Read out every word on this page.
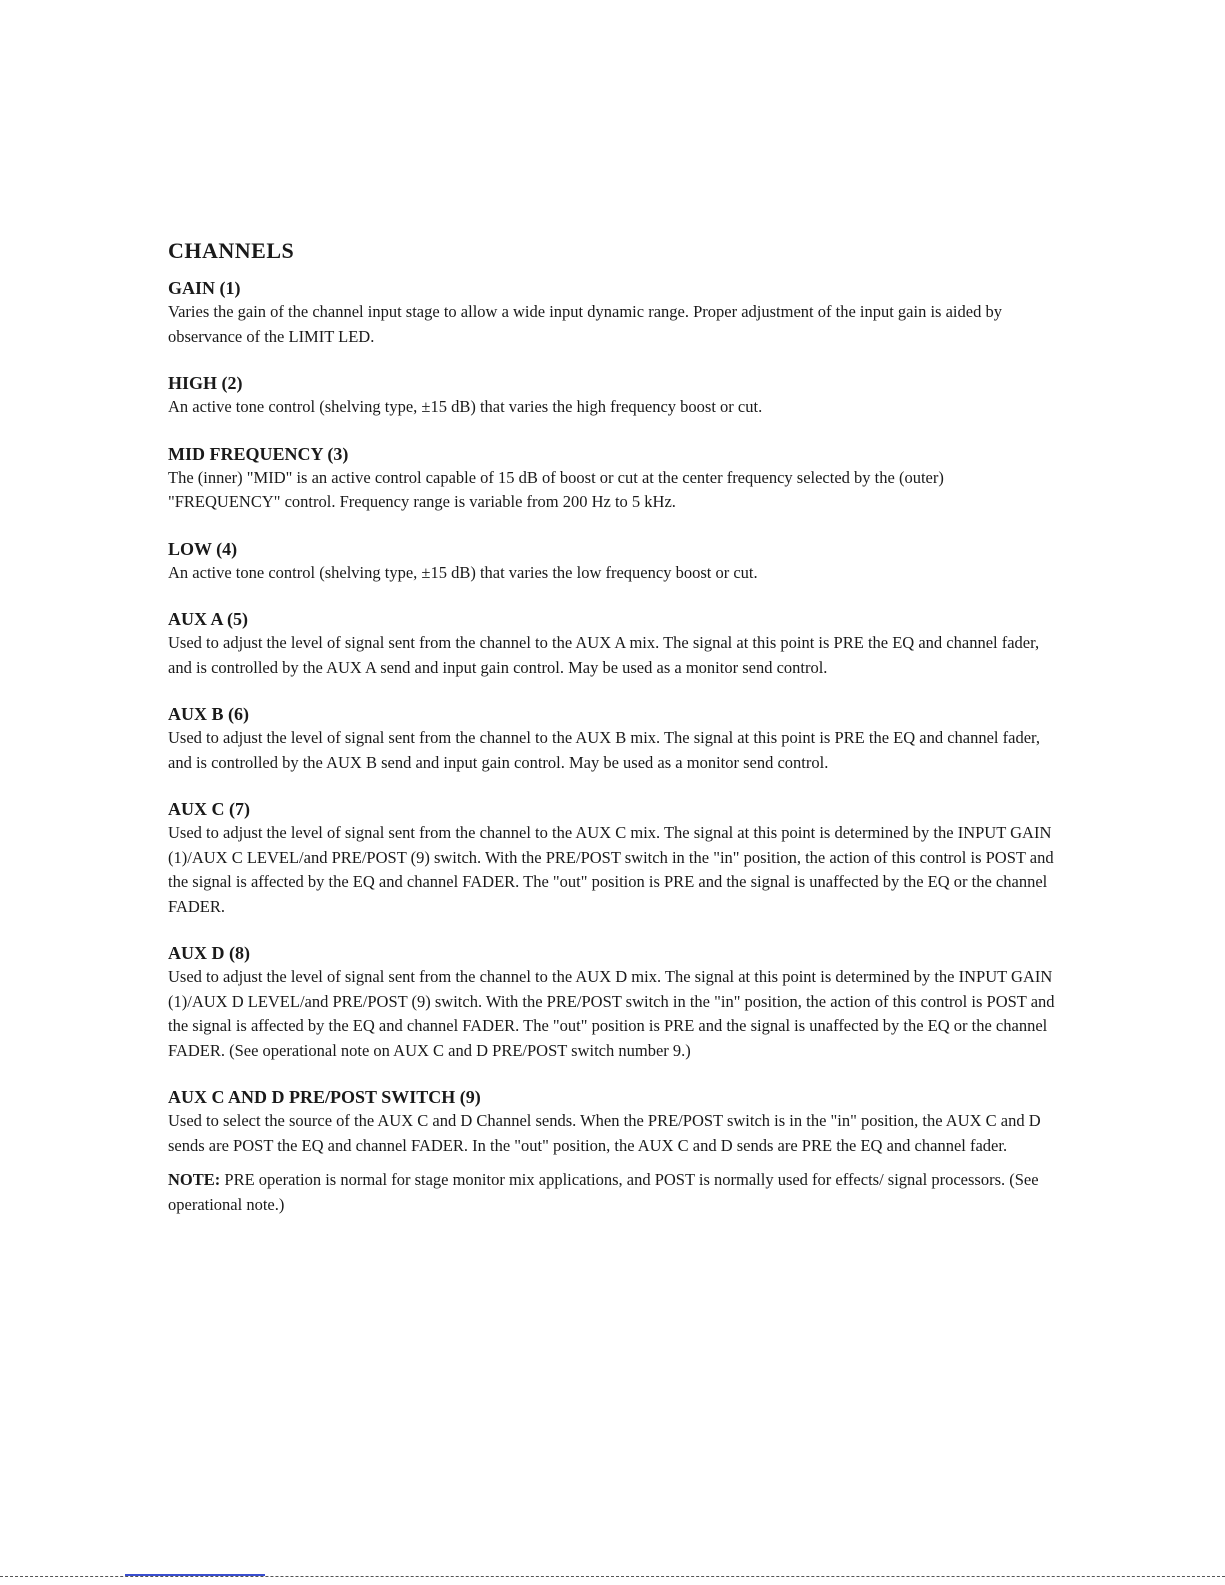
CHANNELS
GAIN (1)

Varies the gain of the channel input stage to allow a wide input dynamic range. Proper adjustment of the input gain is aided by observance of the LIMIT LED.

HIGH (2)

An active tone control (shelving type, ±15 dB) that varies the high frequency boost or cut.

MID FREQUENCY (3)

The (inner) "MID" is an active control capable of 15 dB of boost or cut at the center frequency selected by the (outer) "FREQUENCY" control. Frequency range is variable from 200 Hz to 5 kHz.

LOW (4)

An active tone control (shelving type, ±15 dB) that varies the low frequency boost or cut.

AUX A (5)

Used to adjust the level of signal sent from the channel to the AUX A mix. The signal at this point is PRE the EQ and channel fader, and is controlled by the AUX A send and input gain control. May be used as a monitor send control.

AUX B (6)

Used to adjust the level of signal sent from the channel to the AUX B mix. The signal at this point is PRE the EQ and channel fader, and is controlled by the AUX B send and input gain control. May be used as a monitor send control.

AUX C (7)

Used to adjust the level of signal sent from the channel to the AUX C mix. The signal at this point is determined by the INPUT GAIN (1)/AUX C LEVEL/and PRE/POST (9) switch. With the PRE/POST switch in the "in" position, the action of this control is POST and the signal is affected by the EQ and channel FADER. The "out" position is PRE and the signal is unaffected by the EQ or the channel FADER.

AUX D (8)

Used to adjust the level of signal sent from the channel to the AUX D mix. The signal at this point is determined by the INPUT GAIN (1)/AUX D LEVEL/and PRE/POST (9) switch. With the PRE/POST switch in the "in" position, the action of this control is POST and the signal is affected by the EQ and channel FADER. The "out" position is PRE and the signal is unaffected by the EQ or the channel FADER. (See operational note on AUX C and D PRE/POST switch number 9.)

AUX C AND D PRE/POST SWITCH (9)

Used to select the source of the AUX C and D Channel sends. When the PRE/POST switch is in the "in" position, the AUX C and D sends are POST the EQ and channel FADER. In the "out" position, the AUX C and D sends are PRE the EQ and channel fader.

NOTE: PRE operation is normal for stage monitor mix applications, and POST is normally used for effects/ signal processors. (See operational note.)
